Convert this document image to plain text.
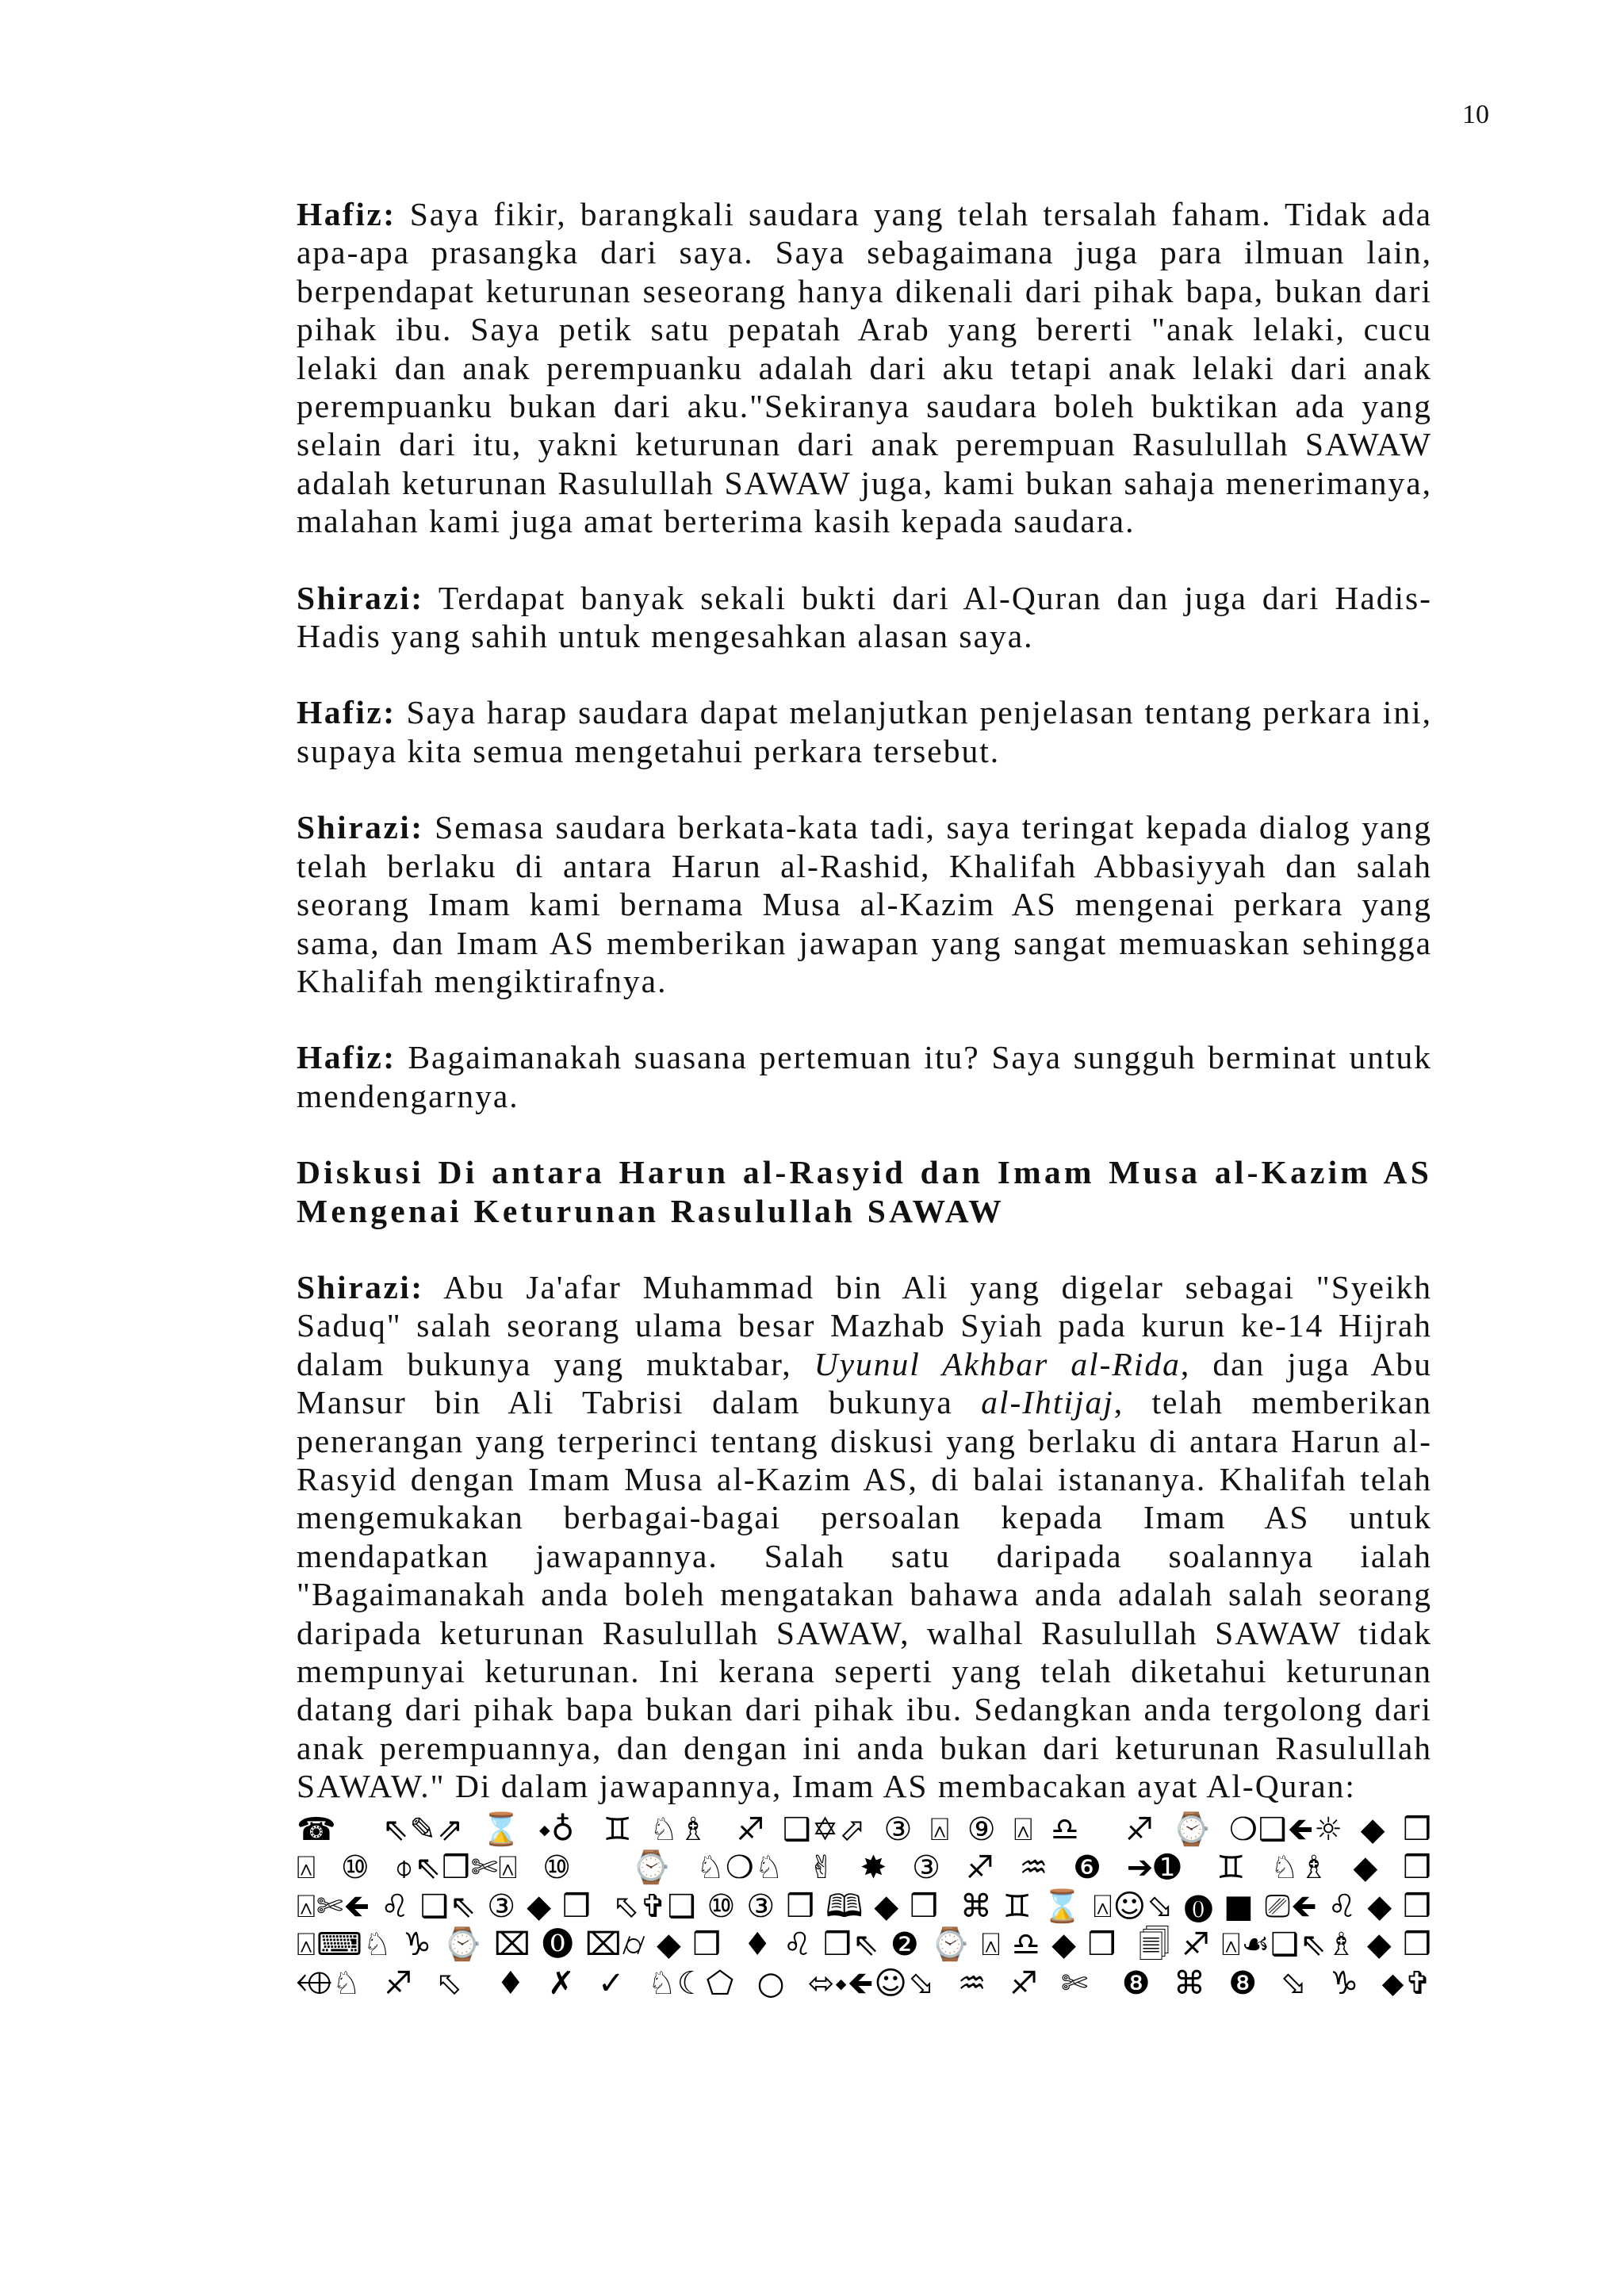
10

Hafiz: Saya fikir, barangkali saudara yang telah tersalah faham. Tidak ada apa-apa prasangka dari saya. Saya sebagaimana juga para ilmuan lain, berpendapat keturunan seseorang hanya dikenali dari pihak bapa, bukan dari pihak ibu. Saya petik satu pepatah Arab yang bererti "anak lelaki, cucu lelaki dan anak perempuanku adalah dari aku tetapi anak lelaki dari anak perempuanku bukan dari aku."Sekiranya saudara boleh buktikan ada yang selain dari itu, yakni keturunan dari anak perempuan Rasulullah SAWAW adalah keturunan Rasulullah SAWAW juga, kami bukan sahaja menerimanya, malahan kami juga amat berterima kasih kepada saudara.

Shirazi: Terdapat banyak sekali bukti dari Al-Quran dan juga dari Hadis-Hadis yang sahih untuk mengesahkan alasan saya.

Hafiz: Saya harap saudara dapat melanjutkan penjelasan tentang perkara ini, supaya kita semua mengetahui perkara tersebut.

Shirazi: Semasa saudara berkata-kata tadi, saya teringat kepada dialog yang telah berlaku di antara Harun al-Rashid, Khalifah Abbasiyyah dan salah seorang Imam kami bernama Musa al-Kazim AS mengenai perkara yang sama, dan Imam AS memberikan jawapan yang sangat memuaskan sehingga Khalifah mengiktirafnya.

Hafiz: Bagaimanakah suasana pertemuan itu? Saya sungguh berminat untuk mendengarnya.

Diskusi Di antara Harun al-Rasyid dan Imam Musa al-Kazim AS Mengenai Keturunan Rasulullah SAWAW

Shirazi: Abu Ja'afar Muhammad bin Ali yang digelar sebagai "Syeikh Saduq" salah seorang ulama besar Mazhab Syiah pada kurun ke-14 Hijrah dalam bukunya yang muktabar, Uyunul Akhbar al-Rida, dan juga Abu Mansur bin Ali Tabrisi dalam bukunya al-Ihtijaj, telah memberikan penerangan yang terperinci tentang diskusi yang berlaku di antara Harun al-Rasyid dengan Imam Musa al-Kazim AS, di balai istananya. Khalifah telah mengemukakan berbagai-bagai persoalan kepada Imam AS untuk mendapatkan jawapannya. Salah satu daripada soalannya ialah "Bagaimanakah anda boleh mengatakan bahawa anda adalah salah seorang daripada keturunan Rasulullah SAWAW, walhal Rasulullah SAWAW tidak mempunyai keturunan. Ini kerana seperti yang telah diketahui keturunan datang dari pihak bapa bukan dari pihak ibu. Sedangkan anda tergolong dari anak perempuannya, dan dengan ini anda bukan dari keturunan Rasulullah SAWAW." Di dalam jawapannya, Imam AS membacakan ayat Al-Quran:

☎ ⇖✎⇗⌛⬩♁ ♊♘♗ ♐❑✡⬀③⍓⑨⍓♎ ♐⌚❍❑🡸☼◆❒
⍓⑩⌽⇖❒✄⍓⑩ ⌚♘❍♘✌✸③♐♒❻➔➊ ♊♘♗◆❒
⍓✄🡸♌❑⇖③◆❒ ⬁✞❑⑩③❒🕮◆❒ ⌘♊⌛⍓☺⬂⓿■⎚🡸♌◆❒
⍓⌨♘♑⌚⌧⓿⌧⌭◆❒ ♦♌❒⇖❷⌚⍓♎◆❒ 🗐♐⍓☙❑⇖♗◆❒
⬲♘♐⬁ ♦✗✓♘☾⬠○⬄⬩🡸☺⬂♒♐✄ ❽⌘❽⬂♑⬥✞
